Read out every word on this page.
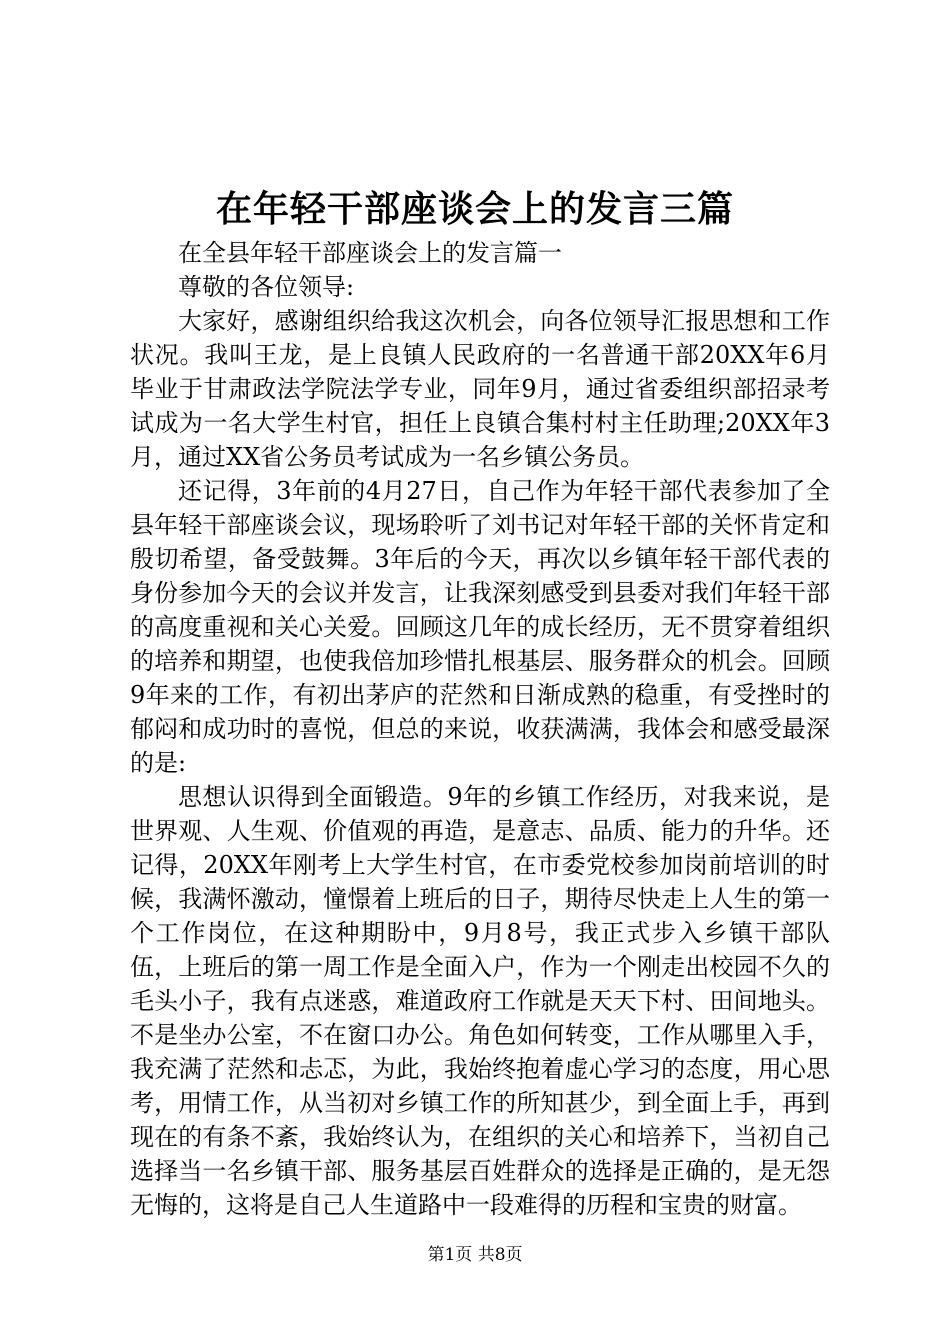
在年轻干部座谈会上的发言三篇

在全县年轻干部座谈会上的发言篇一

尊敬的各位领导:

大家好，感谢组织给我这次机会，向各位领导汇报思想和工作状况。我叫王龙，是上良镇人民政府的一名普通干部20XX年6月毕业于甘肃政法学院法学专业，同年9月，通过省委组织部招录考试成为一名大学生村官，担任上良镇合集村村主任助理;20XX年3月，通过XX省公务员考试成为一名乡镇公务员。

还记得，3年前的4月27日，自己作为年轻干部代表参加了全县年轻干部座谈会议，现场聆听了刘书记对年轻干部的关怀肯定和殷切希望，备受鼓舞。3年后的今天，再次以乡镇年轻干部代表的身份参加今天的会议并发言，让我深刻感受到县委对我们年轻干部的高度重视和关心关爱。回顾这几年的成长经历，无不贯穿着组织的培养和期望，也使我倍加珍惜扎根基层、服务群众的机会。回顾9年来的工作，有初出茅庐的茫然和日渐成熟的稳重，有受挫时的郁闷和成功时的喜悦，但总的来说，收获满满，我体会和感受最深的是:

思想认识得到全面锻造。9年的乡镇工作经历，对我来说，是世界观、人生观、价值观的再造，是意志、品质、能力的升华。还记得，20XX年刚考上大学生村官，在市委党校参加岗前培训的时候，我满怀激动，憧憬着上班后的日子，期待尽快走上人生的第一个工作岗位，在这种期盼中，9月8号，我正式步入乡镇干部队伍，上班后的第一周工作是全面入户，作为一个刚走出校园不久的毛头小子，我有点迷惑，难道政府工作就是天天下村、田间地头。不是坐办公室，不在窗口办公。角色如何转变，工作从哪里入手，我充满了茫然和忐忑，为此，我始终抱着虚心学习的态度，用心思考，用情工作，从当初对乡镇工作的所知甚少，到全面上手，再到现在的有条不紊，我始终认为，在组织的关心和培养下，当初自己选择当一名乡镇干部、服务基层百姓群众的选择是正确的，是无怨无悔的，这将是自己人生道路中一段难得的历程和宝贵的财富。

第1页 共8页
